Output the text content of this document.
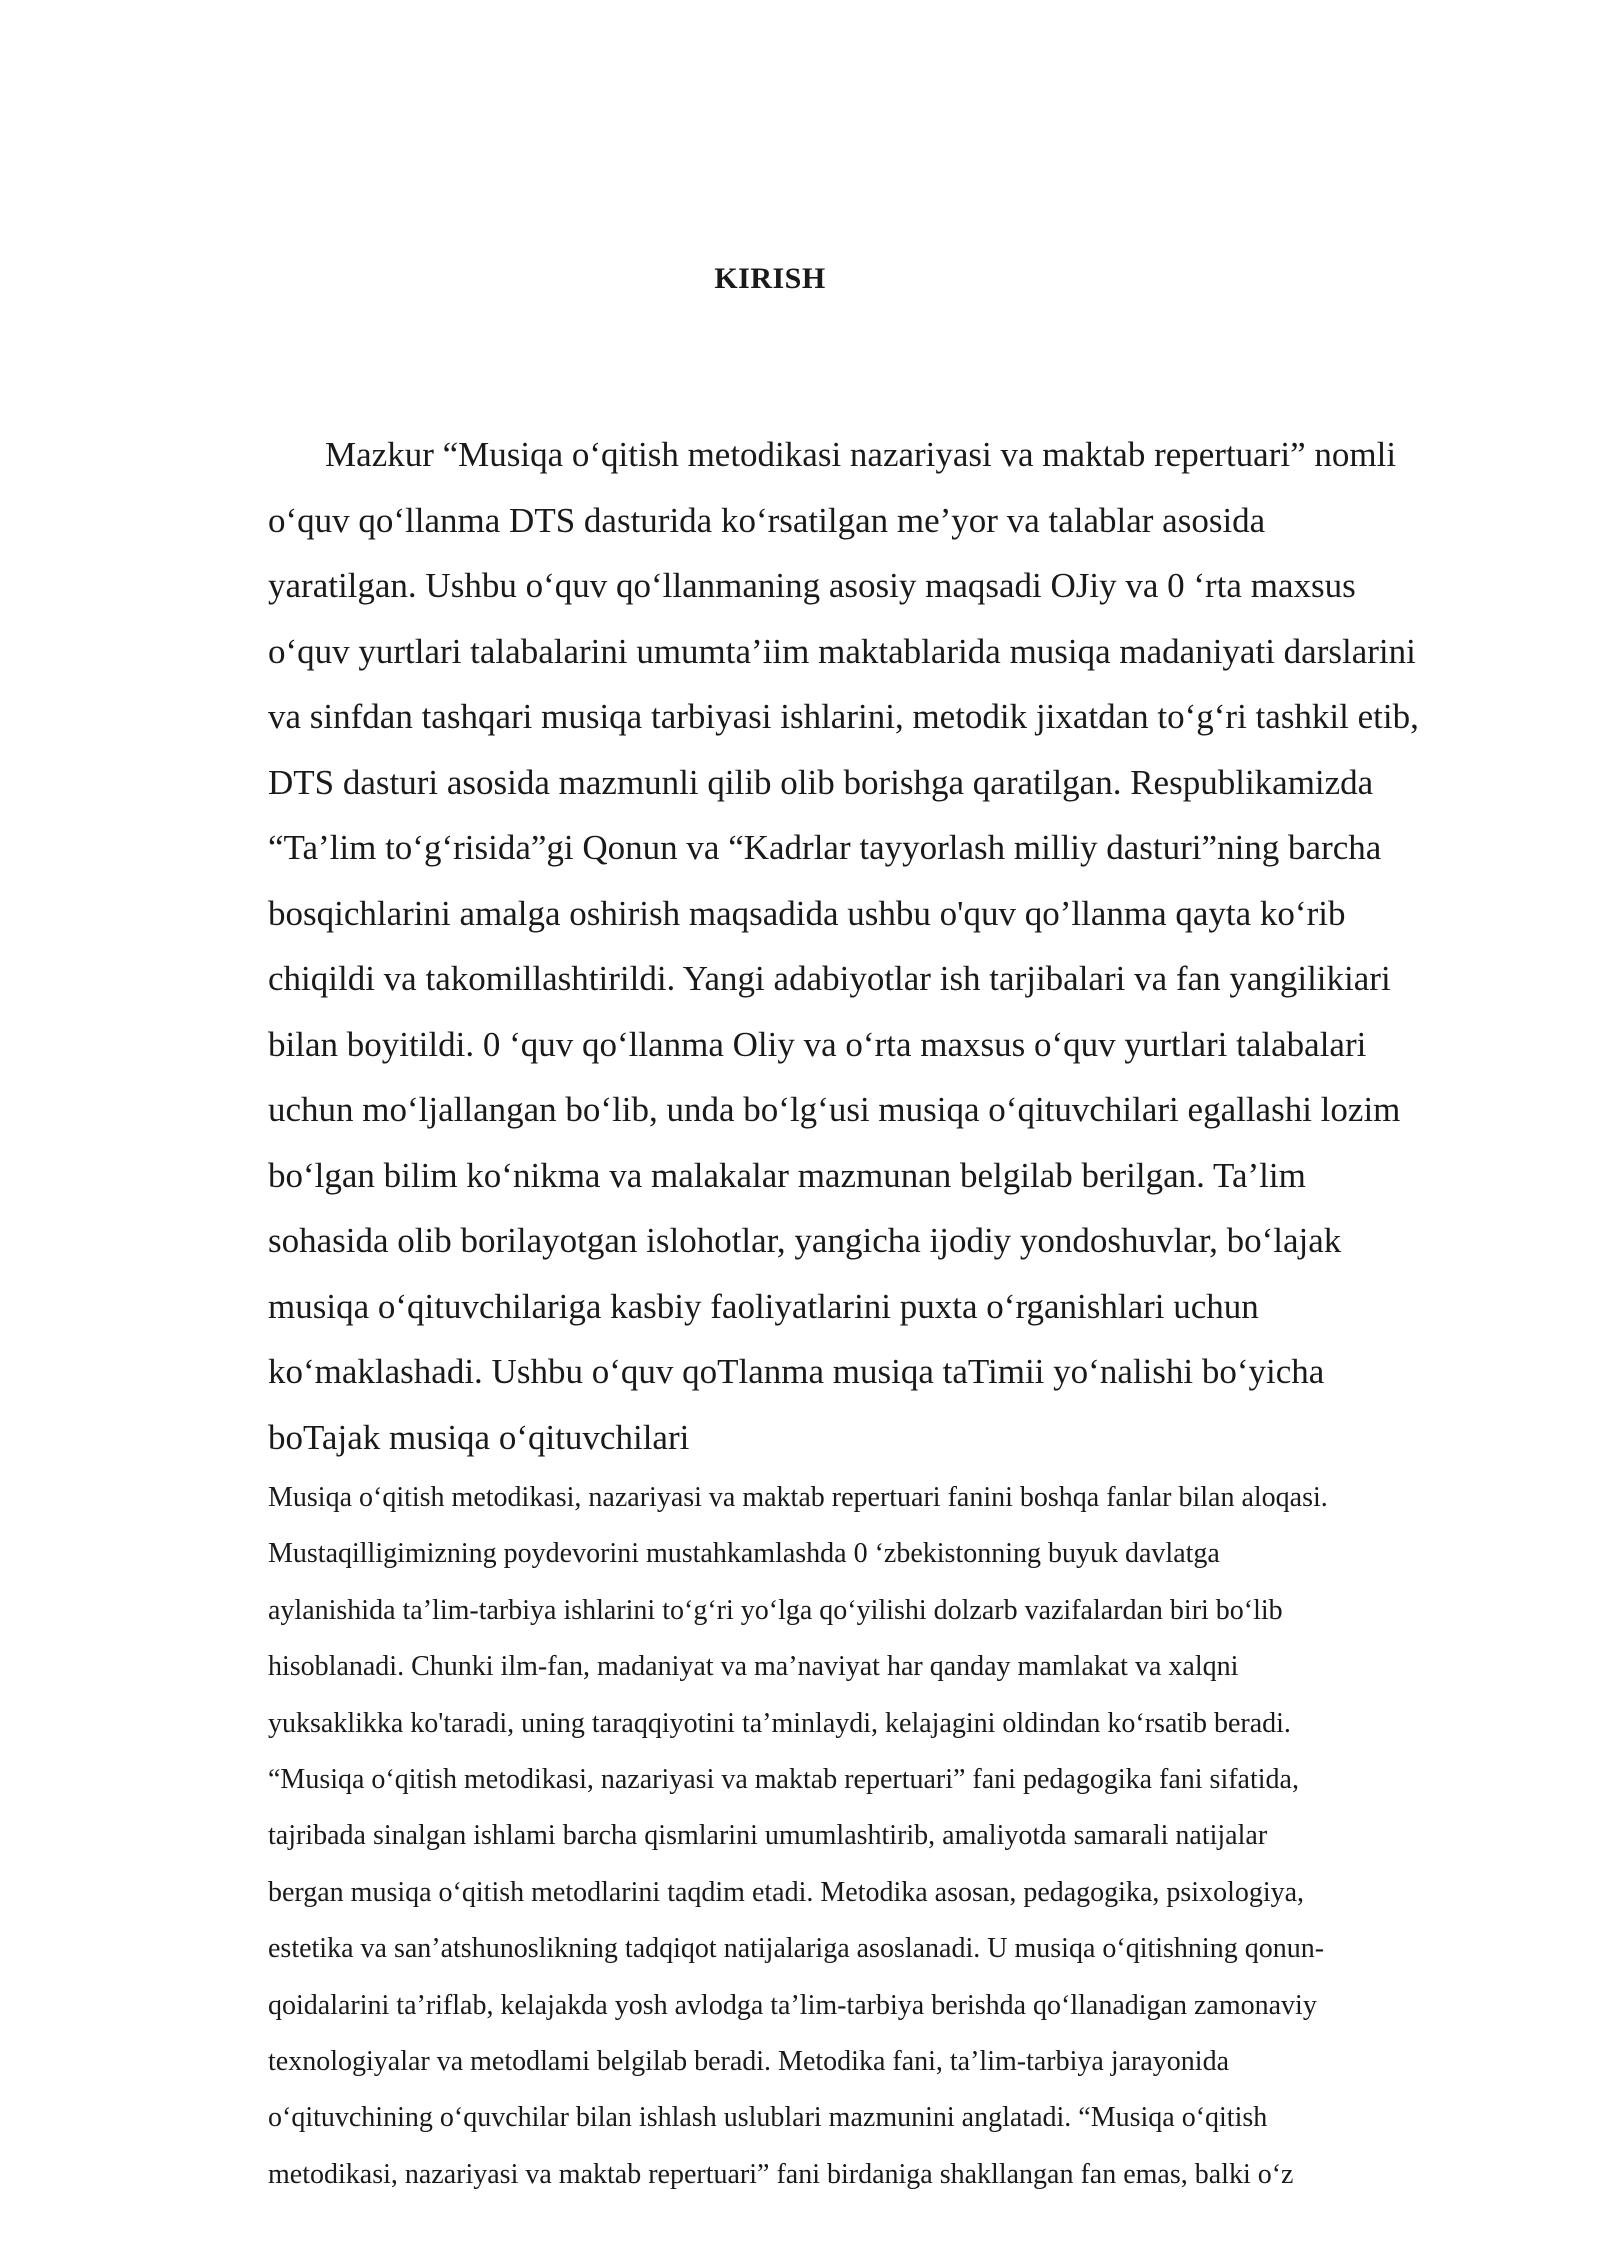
KIRISH

Mazkur “Musiqa o‘qitish metodikasi nazariyasi va maktab repertuari” nomli
o‘quv qo‘llanma DTS dasturida ko‘rsatilgan me’yor va talablar asosida
yaratilgan. Ushbu o‘quv qo‘llanmaning asosiy maqsadi OJiy va 0 ‘rta maxsus
o‘quv yurtlari talabalarini umumta’iim maktablarida musiqa madaniyati darslarini
va sinfdan tashqari musiqa tarbiyasi ishlarini, metodik jixatdan to‘g‘ri tashkil etib,
DTS dasturi asosida mazmunli qilib olib borishga qaratilgan. Respublikamizda
“Ta’lim to‘g‘risida”gi Qonun va “Kadrlar tayyorlash milliy dasturi”ning barcha
bosqichlarini amalga oshirish maqsadida ushbu o'quv qo’llanma qayta ko‘rib
chiqildi va takomillashtirildi. Yangi adabiyotlar ish tarjibalari va fan yangilikiari
bilan boyitildi. 0 ‘quv qo‘llanma Oliy va o‘rta maxsus o‘quv yurtlari talabalari
uchun mo‘ljallangan bo‘lib, unda bo‘lg‘usi musiqa o‘qituvchilari egallashi lozim
bo‘lgan bilim ko‘nikma va malakalar mazmunan belgilab berilgan. Ta’lim
sohasida olib borilayotgan islohotlar, yangicha ijodiy yondoshuvlar, bo‘lajak
musiqa o‘qituvchilariga kasbiy faoliyatlarini puxta o‘rganishlari uchun
ko‘maklashadi. Ushbu o‘quv qoTlanma musiqa taTimii yo‘nalishi bo‘yicha
boTajak musiqa o‘qituvchilari

Musiqa o‘qitish metodikasi, nazariyasi va maktab repertuari fanini boshqa fanlar bilan aloqasi.
Mustaqilligimizning poydevorini mustahkamlashda 0 ‘zbekistonning buyuk davlatga
aylanishida ta’lim-tarbiya ishlarini to‘g‘ri yo‘lga qo‘yilishi dolzarb vazifalardan biri bo‘lib
hisoblanadi. Chunki ilm-fan, madaniyat va ma’naviyat har qanday mamlakat va xalqni
yuksaklikka ko'taradi, uning taraqqiyotini ta’minlaydi, kelajagini oldindan ko‘rsatib beradi.
“Musiqa o‘qitish metodikasi, nazariyasi va maktab repertuari” fani pedagogika fani sifatida,
tajribada sinalgan ishlami barcha qismlarini umumlashtirib, amaliyotda samarali natijalar
bergan musiqa o‘qitish metodlarini taqdim etadi. Metodika asosan, pedagogika, psixologiya,
estetika va san’atshunoslikning tadqiqot natijalariga asoslanadi. U musiqa o‘qitishning qonun-
qoidalarini ta’riflab, kelajakda yosh avlodga ta’lim-tarbiya berishda qo‘llanadigan zamonaviy
texnologiyalar va metodlami belgilab beradi. Metodika fani, ta’lim-tarbiya jarayonida
o‘qituvchining o‘quvchilar bilan ishlash uslublari mazmunini anglatadi. “Musiqa o‘qitish
metodikasi, nazariyasi va maktab repertuari” fani birdaniga shakllangan fan emas, balki o‘z
